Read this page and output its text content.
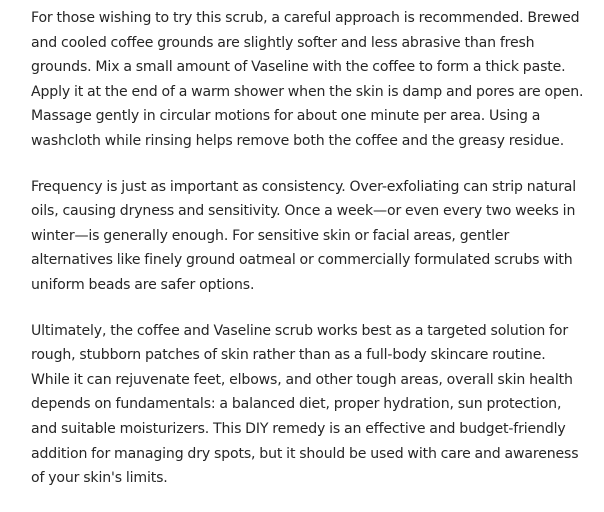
For those wishing to try this scrub, a careful approach is recommended. Brewed
and cooled coffee grounds are slightly softer and less abrasive than fresh
grounds. Mix a small amount of Vaseline with the coffee to form a thick paste.
Apply it at the end of a warm shower when the skin is damp and pores are open.
Massage gently in circular motions for about one minute per area. Using a
washcloth while rinsing helps remove both the coffee and the greasy residue.

Frequency is just as important as consistency. Over-exfoliating can strip natural
oils, causing dryness and sensitivity. Once a week—or even every two weeks in
winter—is generally enough. For sensitive skin or facial areas, gentler
alternatives like finely ground oatmeal or commercially formulated scrubs with
uniform beads are safer options.

Ultimately, the coffee and Vaseline scrub works best as a targeted solution for
rough, stubborn patches of skin rather than as a full-body skincare routine.
While it can rejuvenate feet, elbows, and other tough areas, overall skin health
depends on fundamentals: a balanced diet, proper hydration, sun protection,
and suitable moisturizers. This DIY remedy is an effective and budget-friendly
addition for managing dry spots, but it should be used with care and awareness
of your skin's limits.
